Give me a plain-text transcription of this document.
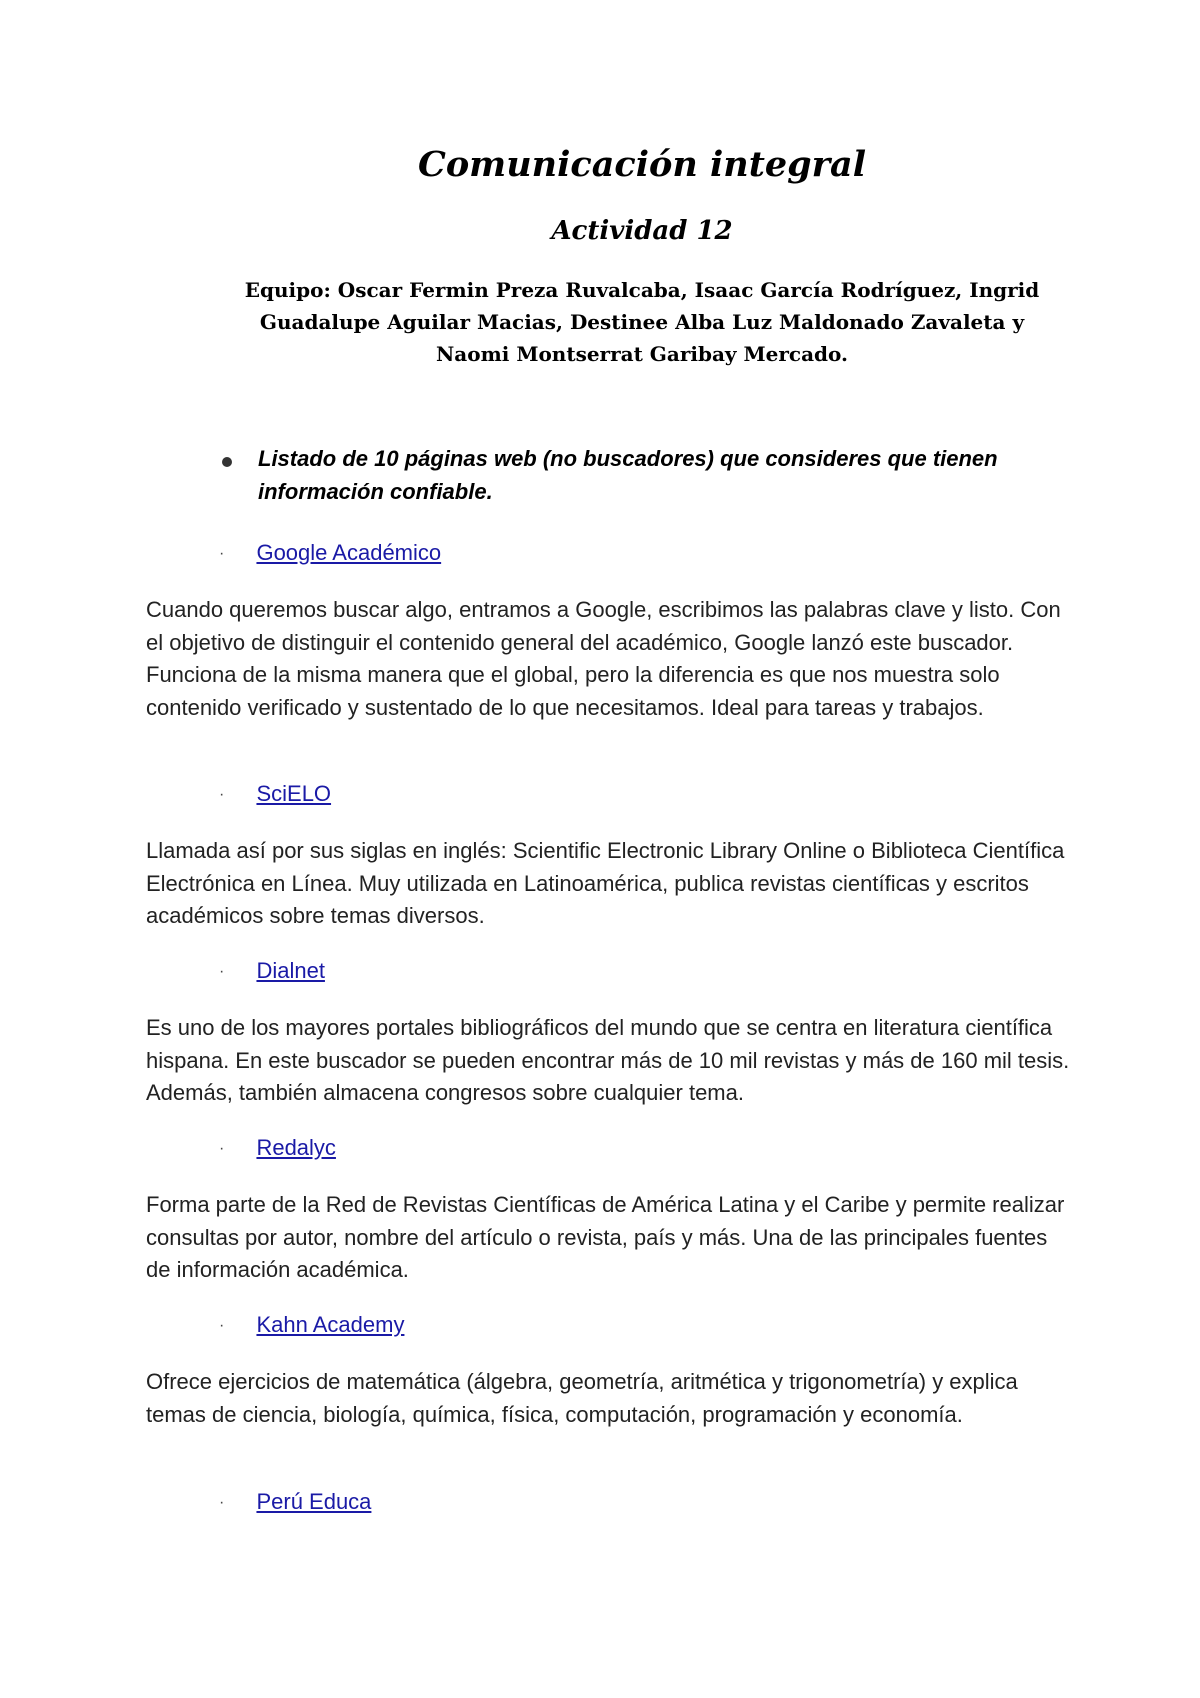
Comunicación integral
Actividad 12

Equipo: Oscar Fermin Preza Ruvalcaba, Isaac García Rodríguez, Ingrid Guadalupe Aguilar Macias, Destinee Alba Luz Maldonado Zavaleta y Naomi Montserrat Garibay Mercado.

Listado de 10 páginas web (no buscadores) que consideres que tienen información confiable.

· Google Académico

Cuando queremos buscar algo, entramos a Google, escribimos las palabras clave y listo. Con el objetivo de distinguir el contenido general del académico, Google lanzó este buscador. Funciona de la misma manera que el global, pero la diferencia es que nos muestra solo contenido verificado y sustentado de lo que necesitamos. Ideal para tareas y trabajos.

· SciELO

Llamada así por sus siglas en inglés: Scientific Electronic Library Online o Biblioteca Científica Electrónica en Línea. Muy utilizada en Latinoamérica, publica revistas científicas y escritos académicos sobre temas diversos.

· Dialnet

Es uno de los mayores portales bibliográficos del mundo que se centra en literatura científica hispana. En este buscador se pueden encontrar más de 10 mil revistas y más de 160 mil tesis. Además, también almacena congresos sobre cualquier tema.

· Redalyc

Forma parte de la Red de Revistas Científicas de América Latina y el Caribe y permite realizar consultas por autor, nombre del artículo o revista, país y más. Una de las principales fuentes de información académica.

· Kahn Academy

Ofrece ejercicios de matemática (álgebra, geometría, aritmética y trigonometría) y explica temas de ciencia, biología, química, física, computación, programación y economía.

· Perú Educa
